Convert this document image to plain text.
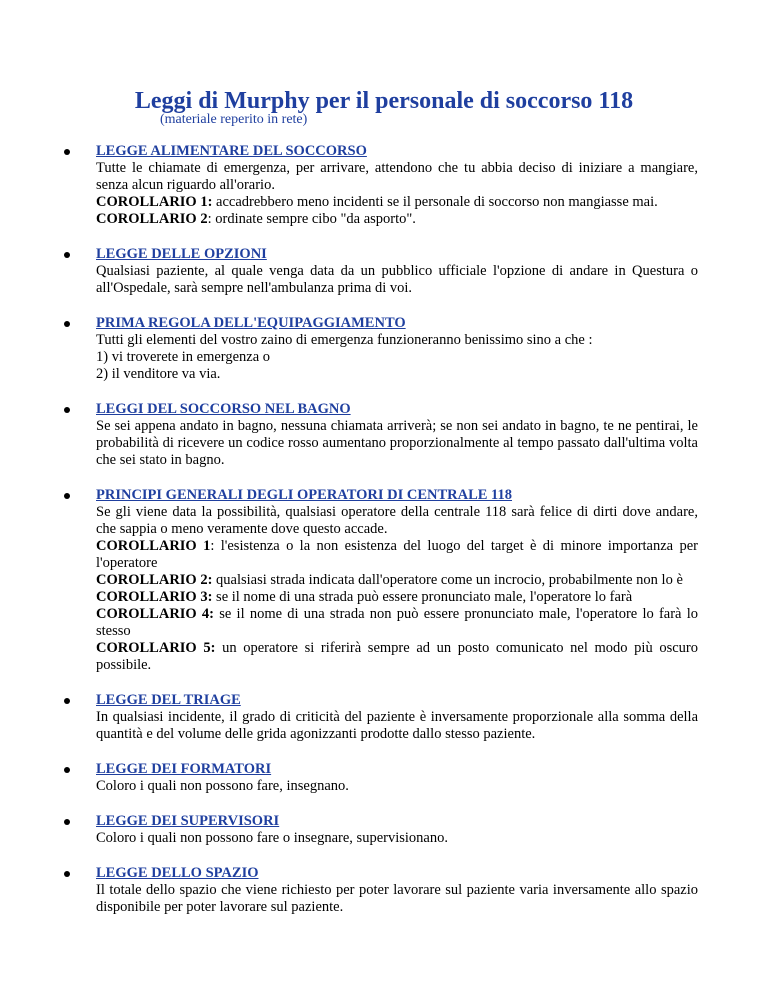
Leggi di Murphy per il personale di soccorso 118
(materiale reperito in rete)
LEGGE ALIMENTARE DEL SOCCORSO
Tutte le chiamate di emergenza, per arrivare, attendono che tu abbia deciso di iniziare a mangiare, senza alcun riguardo all'orario.
COROLLARIO 1: accadrebbero meno incidenti se il personale di soccorso non mangiasse mai.
COROLLARIO 2: ordinate sempre cibo "da asporto".
LEGGE DELLE OPZIONI
Qualsiasi paziente, al quale venga data da un pubblico ufficiale l'opzione di andare in Questura o all'Ospedale, sarà sempre nell'ambulanza prima di voi.
PRIMA REGOLA DELL'EQUIPAGGIAMENTO
Tutti gli elementi del vostro zaino di emergenza funzioneranno benissimo sino a che :
1) vi troverete in emergenza o
2) il venditore va via.
LEGGI DEL SOCCORSO NEL BAGNO
Se sei appena andato in bagno, nessuna chiamata arriverà; se non sei andato in bagno, te ne pentirai, le probabilità di ricevere un codice rosso aumentano proporzionalmente al tempo passato dall'ultima volta che sei stato in bagno.
PRINCIPI GENERALI DEGLI OPERATORI DI CENTRALE 118
Se gli viene data la possibilità, qualsiasi operatore della centrale 118 sarà felice di dirti dove andare, che sappia o meno veramente dove questo accade.
COROLLARIO 1: l'esistenza o la non esistenza del luogo del target è di minore importanza per l'operatore
COROLLARIO 2: qualsiasi strada indicata dall'operatore come un incrocio, probabilmente non lo è
COROLLARIO 3: se il nome di una strada può essere pronunciato male, l'operatore lo farà
COROLLARIO 4: se il nome di una strada non può essere pronunciato male, l'operatore lo farà lo stesso
COROLLARIO 5: un operatore si riferirà sempre ad un posto comunicato nel modo più oscuro possibile.
LEGGE DEL TRIAGE
In qualsiasi incidente, il grado di criticità del paziente è inversamente proporzionale alla somma della quantità e del volume delle grida agonizzanti prodotte dallo stesso paziente.
LEGGE DEI FORMATORI
Coloro i quali non possono fare, insegnano.
LEGGE DEI SUPERVISORI
Coloro i quali non possono fare o insegnare, supervisionano.
LEGGE DELLO SPAZIO
Il totale dello spazio che viene richiesto per poter lavorare sul paziente varia inversamente allo spazio disponibile per poter lavorare sul paziente.
